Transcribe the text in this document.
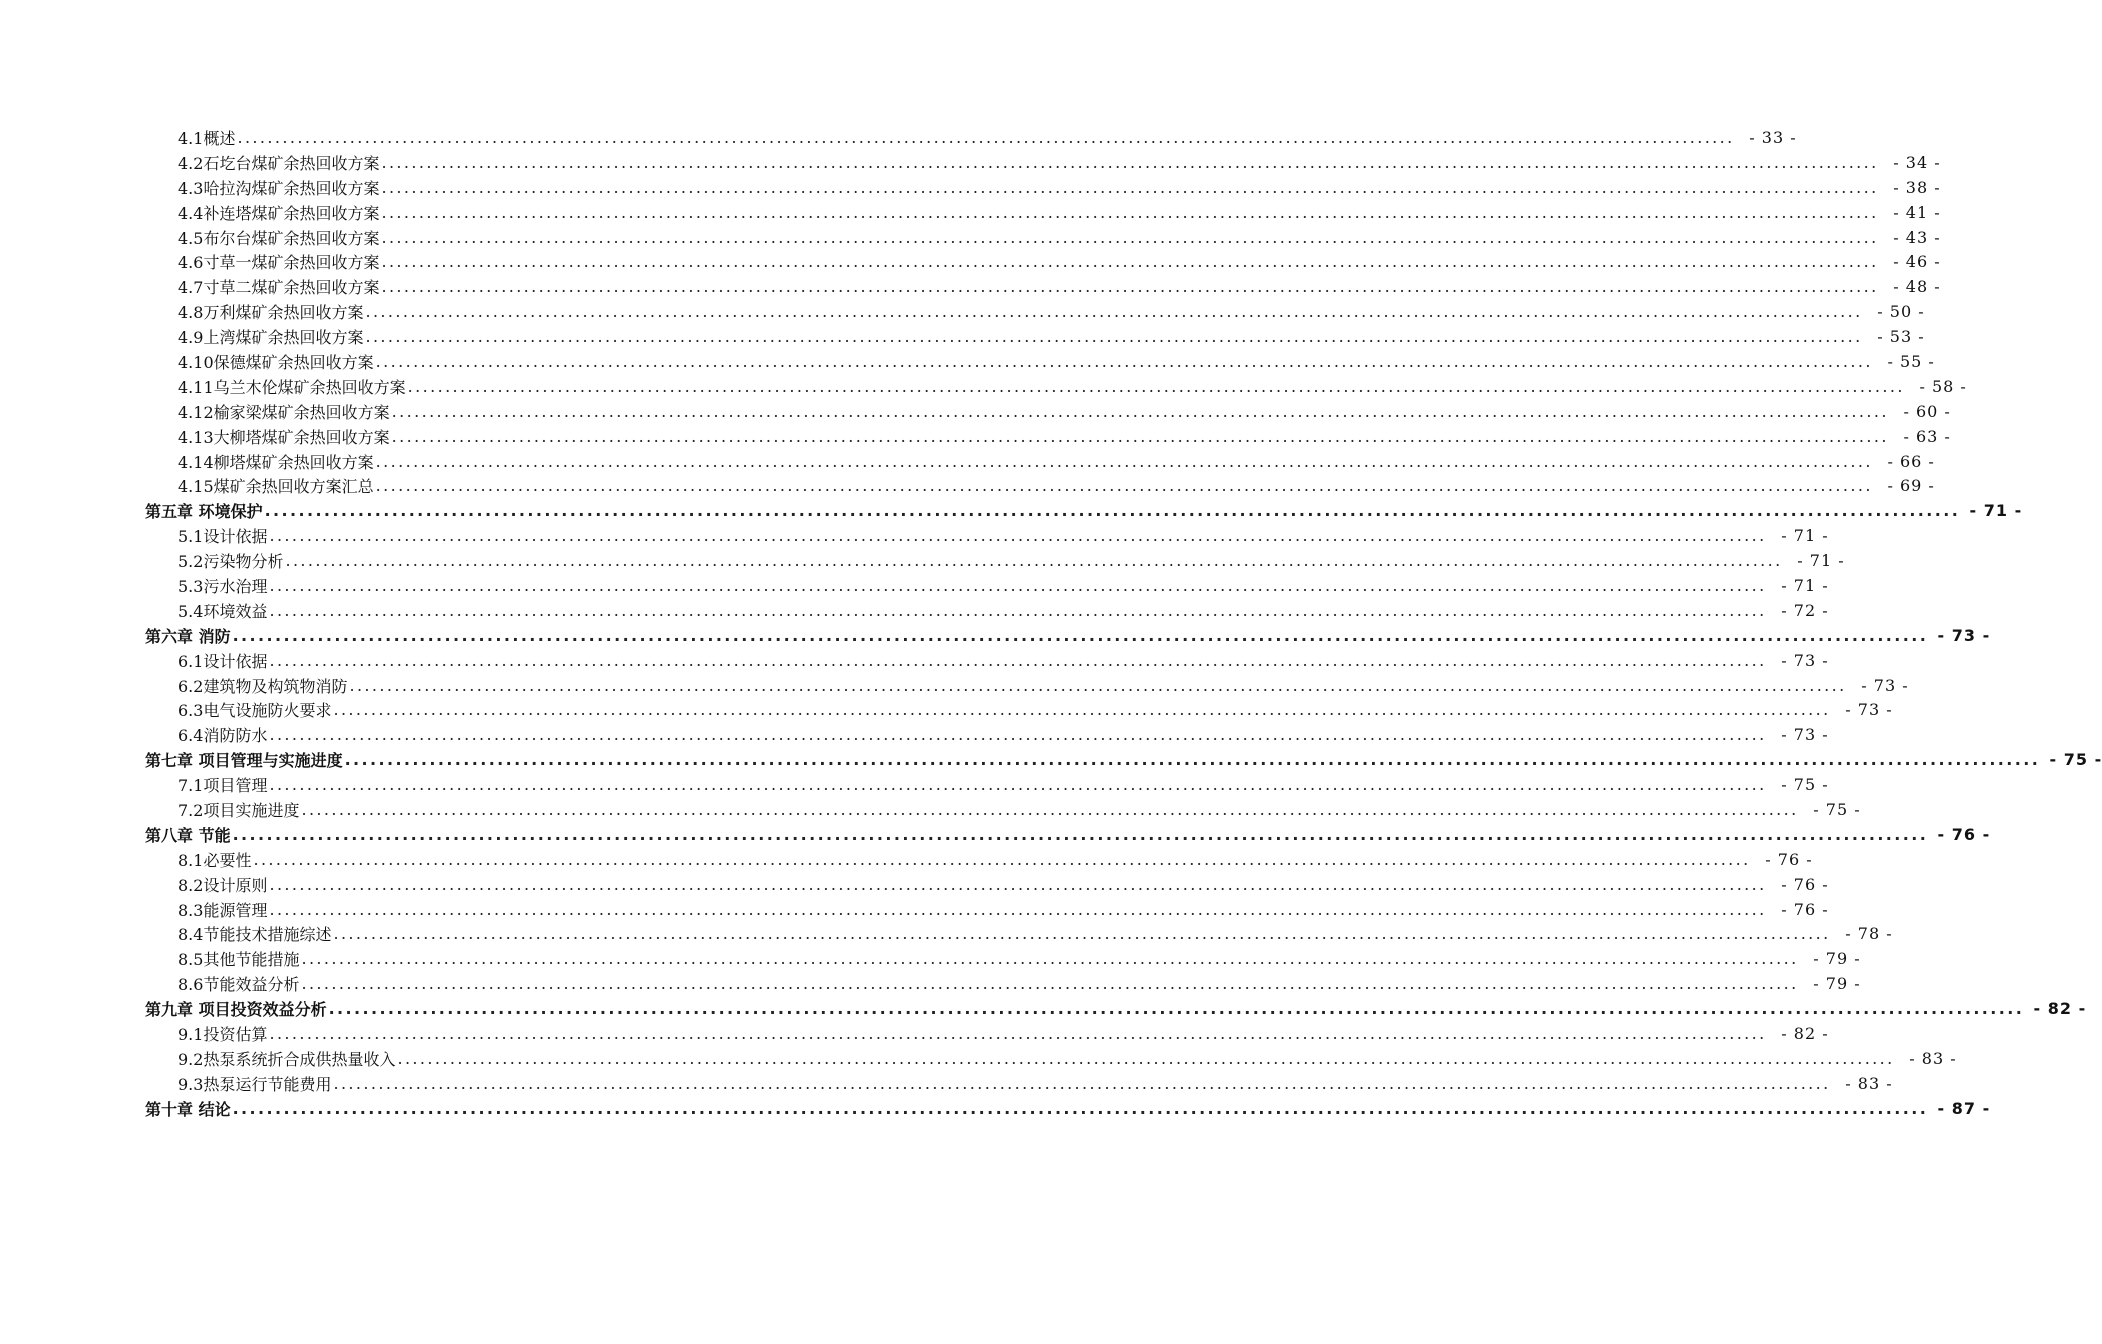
4.1概述 ........................................................................................................................................................................................................ - 33 -
4.2石圪台煤矿余热回收方案 ........................................................................................................................................................................................................ - 34 -
4.3哈拉沟煤矿余热回收方案 ........................................................................................................................................................................................................ - 38 -
4.4补连塔煤矿余热回收方案 ........................................................................................................................................................................................................ - 41 -
4.5布尔台煤矿余热回收方案 ........................................................................................................................................................................................................ - 43 -
4.6寸草一煤矿余热回收方案 ........................................................................................................................................................................................................ - 46 -
4.7寸草二煤矿余热回收方案 ........................................................................................................................................................................................................ - 48 -
4.8万利煤矿余热回收方案 ........................................................................................................................................................................................................ - 50 -
4.9上湾煤矿余热回收方案 ........................................................................................................................................................................................................ - 53 -
4.10保德煤矿余热回收方案 ........................................................................................................................................................................................................ - 55 -
4.11乌兰木伦煤矿余热回收方案 ........................................................................................................................................................................................................ - 58 -
4.12榆家梁煤矿余热回收方案 ........................................................................................................................................................................................................ - 60 -
4.13大柳塔煤矿余热回收方案 ........................................................................................................................................................................................................ - 63 -
4.14柳塔煤矿余热回收方案 ........................................................................................................................................................................................................ - 66 -
4.15煤矿余热回收方案汇总 ........................................................................................................................................................................................................ - 69 -
第五章 环境保护 ........................................................................................................................................................................................................ - 71 -
5.1设计依据 ........................................................................................................................................................................................................ - 71 -
5.2污染物分析 ........................................................................................................................................................................................................ - 71 -
5.3污水治理 ........................................................................................................................................................................................................ - 71 -
5.4环境效益 ........................................................................................................................................................................................................ - 72 -
第六章 消防 ........................................................................................................................................................................................................ - 73 -
6.1设计依据 ........................................................................................................................................................................................................ - 73 -
6.2建筑物及构筑物消防 ........................................................................................................................................................................................................ - 73 -
6.3电气设施防火要求 ........................................................................................................................................................................................................ - 73 -
6.4消防防水 ........................................................................................................................................................................................................ - 73 -
第七章 项目管理与实施进度 ........................................................................................................................................................................................................ - 75 -
7.1项目管理 ........................................................................................................................................................................................................ - 75 -
7.2项目实施进度 ........................................................................................................................................................................................................ - 75 -
第八章 节能 ........................................................................................................................................................................................................ - 76 -
8.1必要性 ........................................................................................................................................................................................................ - 76 -
8.2设计原则 ........................................................................................................................................................................................................ - 76 -
8.3能源管理 ........................................................................................................................................................................................................ - 76 -
8.4节能技术措施综述 ........................................................................................................................................................................................................ - 78 -
8.5其他节能措施 ........................................................................................................................................................................................................ - 79 -
8.6节能效益分析 ........................................................................................................................................................................................................ - 79 -
第九章 项目投资效益分析 ........................................................................................................................................................................................................ - 82 -
9.1投资估算 ........................................................................................................................................................................................................ - 82 -
9.2热泵系统折合成供热量收入 ........................................................................................................................................................................................................ - 83 -
9.3热泵运行节能费用 ........................................................................................................................................................................................................ - 83 -
第十章 结论 ........................................................................................................................................................................................................ - 87 -
